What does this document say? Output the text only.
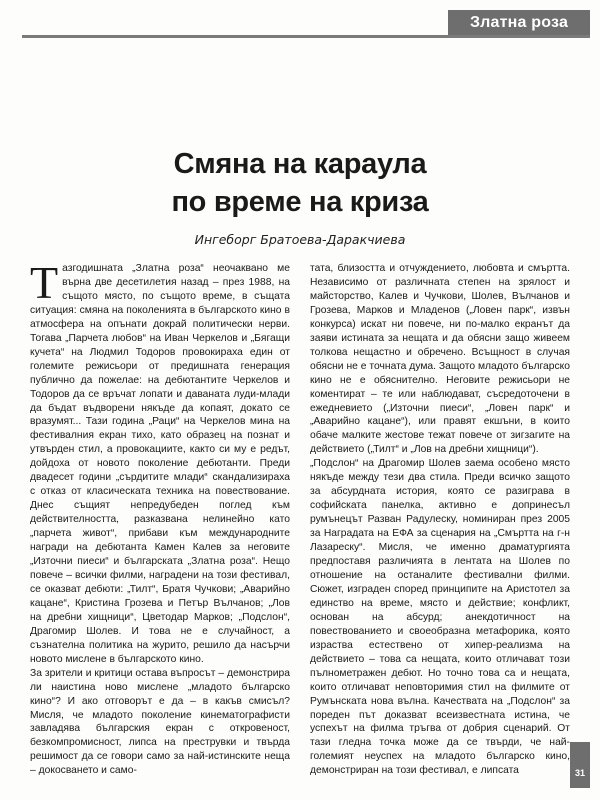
Златна роза
Смяна на караула
по време на криза
Ингеборг Братоева-Даракчиева

Тазгодишната „Златна роза“ неочаквано ме върна две десетилетия назад – през 1988, на същото място, по същото време, в същата ситуация: смяна на поколенията в българското кино в атмосфера на опънати докрай политически нерви. Тогава „Парчета любов“ на Иван Черкелов и „Бягащи кучета“ на Людмил Тодоров провокираха един от големите режисьори от предишната генерация публично да пожелае: на дебютантите Черкелов и Тодоров да се връчат лопати и даваната луди-млади да бъдат въдворени някъде да копаят, докато се вразумят... Тази година „Раци“ на Черкелов мина на фестивалния екран тихо, като образец на познат и утвърден стил, а провокациите, както си му е редът, дойдоха от новото поколение дебютанти. Преди двадесет години „сърдитите млади“ скандализираха с отказ от класическата техника на повествование. Днес същият непредубеден поглед към действителността, разказвана нелинейно като „парчета живот“, прибави към международните награди на дебютанта Камен Калев за неговите „Източни пиеси“ и българската „Златна роза“. Нещо повече – всички филми, наградени на този фестивал, се оказват дебюти: „Тилт“, Братя Чучкови; „Аварийно кацане“, Кристина Грозева и Петър Вълчанов; „Лов на дребни хищници“, Цветодар Марков; „Подслон“, Драгомир Шолев. И това не е случайност, а съзнателна политика на журито, решило да насърчи новото мислене в българското кино.

За зрители и критици остава въпросът – демонстрира ли наистина ново мислене „младото българско кино“? И ако отговорът е да – в какъв смисъл? Мисля, че младото поколение кинематографисти завладява българския екран с откровеност, безкомпромисност, липса на преструвки и твърда решимост да се говори само за най-истинските неща – докосването и само-

тата, близостта и отчуждението, любовта и смъртта. Независимо от различната степен на зрялост и майсторство, Калев и Чучкови, Шолев, Вълчанов и Грозева, Марков и Младенов („Ловен парк“, извън конкурса) искат ни повече, ни по-малко екранът да заяви истината за нещата и да обясни защо живеем толкова нещастно и обречено. Всъщност в случая обясни не е точната дума. Защото младото българско кино не е обяснително. Неговите режисьори не коментират – те или наблюдават, съсредоточени в ежедневието („Източни пиеси“, „Ловен парк“ и „Аварийно кацане“), или правят екшъни, в които обаче малките жестове тежат повече от зигзагите на действието („Тилт“ и „Лов на дребни хищници“).

„Подслон“ на Драгомир Шолев заема особено място някъде между тези два стила. Преди всичко защото за абсурдната история, която се разиграва в софийската панелка, активно е допринесъл румънецът Разван Радулеску, номиниран през 2005 за Наградата на ЕФА за сценария на „Смъртта на г-н Лазареску“. Мисля, че именно драматургията предпоставя различията в лентата на Шолев по отношение на останалите фестивални филми. Сюжет, изграден според принципите на Аристотел за единство на време, място и действие; конфликт, основан на абсурд; анекдотичност на повествованието и своеобразна метафорика, която израства естествено от хипер-реализма на действието – това са нещата, които отличават този пълнометражен дебют. Но точно това са и нещата, които отличават неповторимия стил на филмите от Румънската нова вълна. Качествата на „Подслон“ за пореден път доказват всеизвестната истина, че успехът на филма тръгва от добрия сценарий. От тази гледна точка може да се твърди, че най-големият неуспех на младото българско кино, демонстриран на този фестивал, е липсата	31
